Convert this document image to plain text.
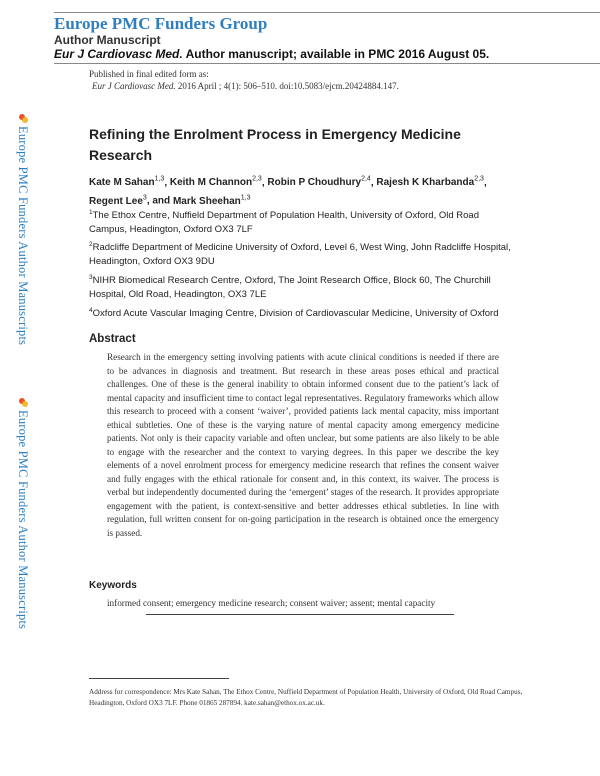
Europe PMC Funders Group
Author Manuscript
Eur J Cardiovasc Med. Author manuscript; available in PMC 2016 August 05.
Published in final edited form as:
Eur J Cardiovasc Med. 2016 April ; 4(1): 506–510. doi:10.5083/ejcm.20424884.147.
Europe PMC Funders Author Manuscripts
Europe PMC Funders Author Manuscripts
Refining the Enrolment Process in Emergency Medicine Research
Kate M Sahan$^{1,3}$, Keith M Channon$^{2,3}$, Robin P Choudhury$^{2,4}$, Rajesh K Kharbanda$^{2,3}$,
Regent Lee$^3$, and Mark Sheehan$^{1,3}$
$^1$The Ethox Centre, Nuffield Department of Population Health, University of Oxford, Old Road Campus, Headington, Oxford OX3 7LF
$^2$Radcliffe Department of Medicine University of Oxford, Level 6, West Wing, John Radcliffe Hospital, Headington, Oxford OX3 9DU
$^3$NIHR Biomedical Research Centre, Oxford, The Joint Research Office, Block 60, The Churchill Hospital, Old Road, Headington, OX3 7LE
$^4$Oxford Acute Vascular Imaging Centre, Division of Cardiovascular Medicine, University of Oxford
Abstract
Research in the emergency setting involving patients with acute clinical conditions is needed if there are to be advances in diagnosis and treatment. But research in these areas poses ethical and practical challenges. One of these is the general inability to obtain informed consent due to the patient’s lack of mental capacity and insufficient time to contact legal representatives. Regulatory frameworks which allow this research to proceed with a consent ‘waiver’, provided patients lack mental capacity, miss important ethical subtleties. One of these is the varying nature of mental capacity among emergency medicine patients. Not only is their capacity variable and often unclear, but some patients are also likely to be able to engage with the researcher and the context to varying degrees. In this paper we describe the key elements of a novel enrolment process for emergency medicine research that refines the consent waiver and fully engages with the ethical rationale for consent and, in this context, its waiver. The process is verbal but independently documented during the ‘emergent’ stages of the research. It provides appropriate engagement with the patient, is context-sensitive and better addresses ethical subtleties. In line with regulation, full written consent for on-going participation in the research is obtained once the emergency is passed.
Keywords
informed consent; emergency medicine research; consent waiver; assent; mental capacity
Address for correspondence: Mrs Kate Sahan, The Ethox Centre, Nuffield Department of Population Health, University of Oxford, Old Road Campus, Headington, Oxford OX3 7LF. Phone 01865 287894. kate.sahan@ethox.ox.ac.uk.
